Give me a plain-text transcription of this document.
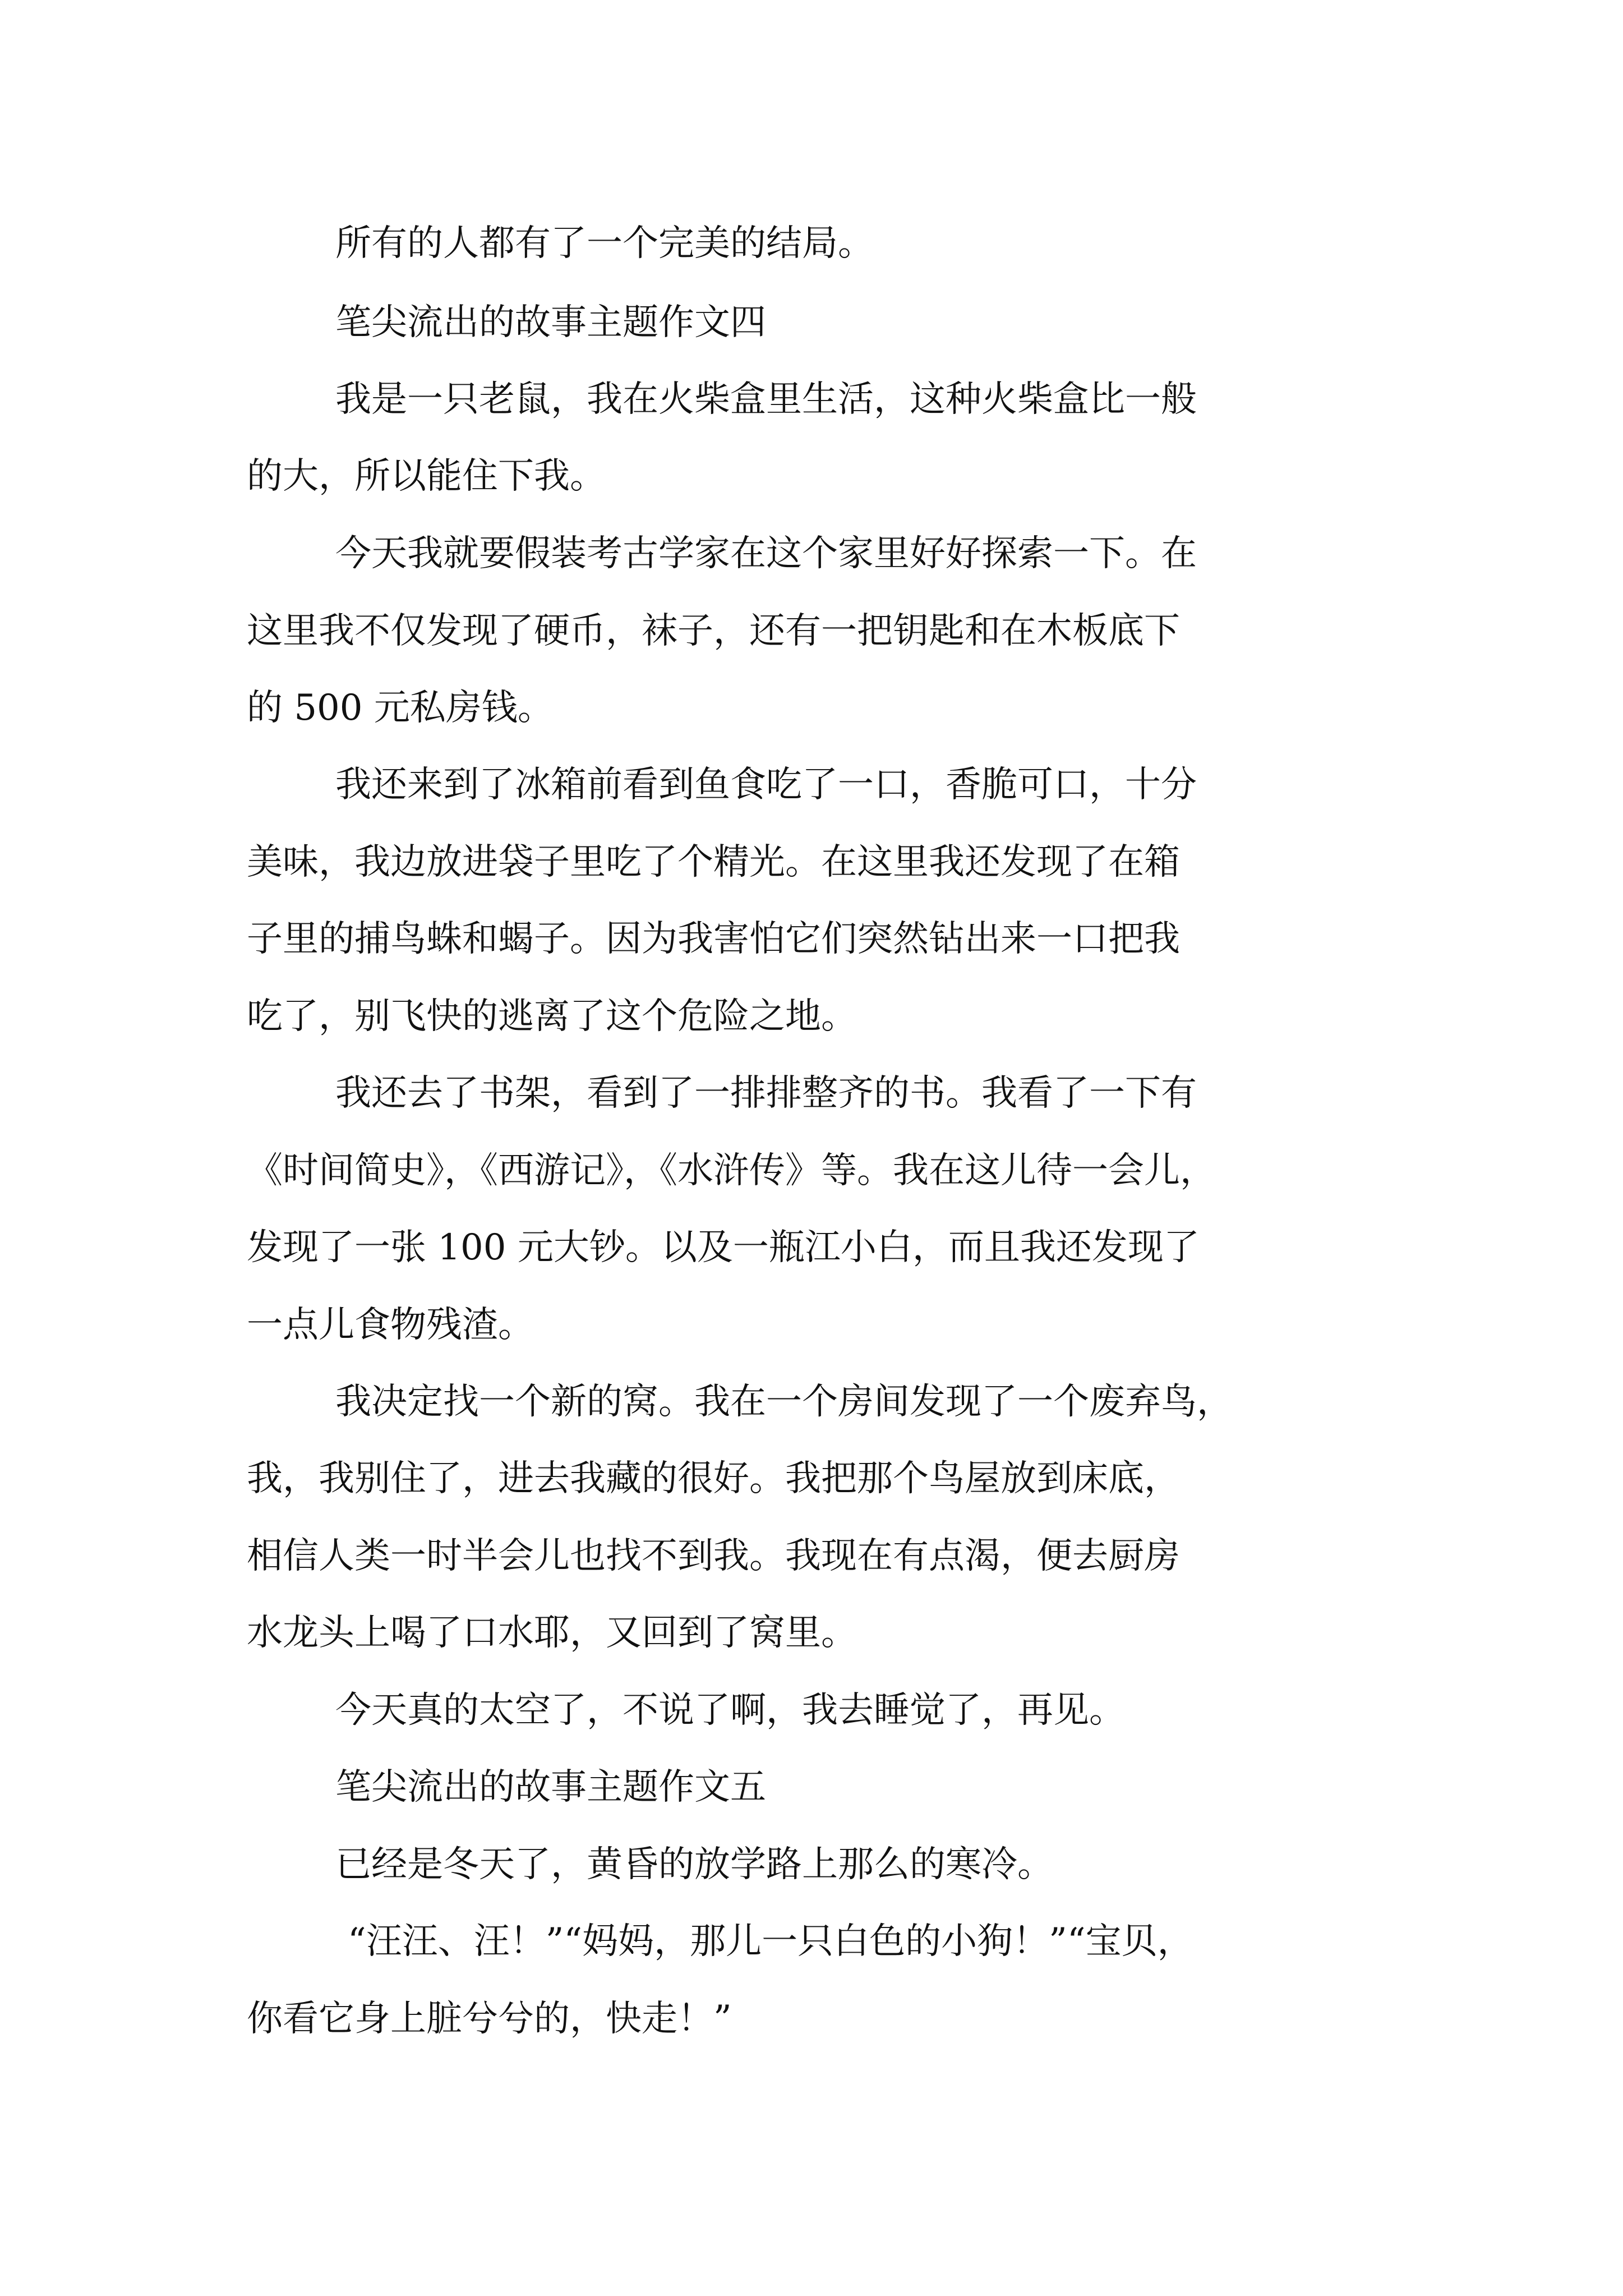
所有的人都有了一个完美的结局。

笔尖流出的故事主题作文四

我是一只老鼠，我在火柴盒里生活，这种火柴盒比一般

的大，所以能住下我。

今天我就要假装考古学家在这个家里好好探索一下。在

这里我不仅发现了硬币，袜子，还有一把钥匙和在木板底下

的 500 元私房钱。

我还来到了冰箱前看到鱼食吃了一口，香脆可口，十分

美味，我边放进袋子里吃了个精光。在这里我还发现了在箱

子里的捕鸟蛛和蝎子。因为我害怕它们突然钻出来一口把我

吃了，别飞快的逃离了这个危险之地。

我还去了书架，看到了一排排整齐的书。我看了一下有

《时间简史》，《西游记》，《水浒传》等。我在这儿待一会儿，

发现了一张 100 元大钞。以及一瓶江小白，而且我还发现了

一点儿食物残渣。

我决定找一个新的窝。我在一个房间发现了一个废弃鸟，

我，我别住了，进去我藏的很好。我把那个鸟屋放到床底，

相信人类一时半会儿也找不到我。我现在有点渴，便去厨房

水龙头上喝了口水耶，又回到了窝里。

今天真的太空了，不说了啊，我去睡觉了，再见。

笔尖流出的故事主题作文五

已经是冬天了，黄昏的放学路上那么的寒冷。

“汪汪、汪！”“妈妈，那儿一只白色的小狗！”“宝贝，

你看它身上脏兮兮的，快走！”
